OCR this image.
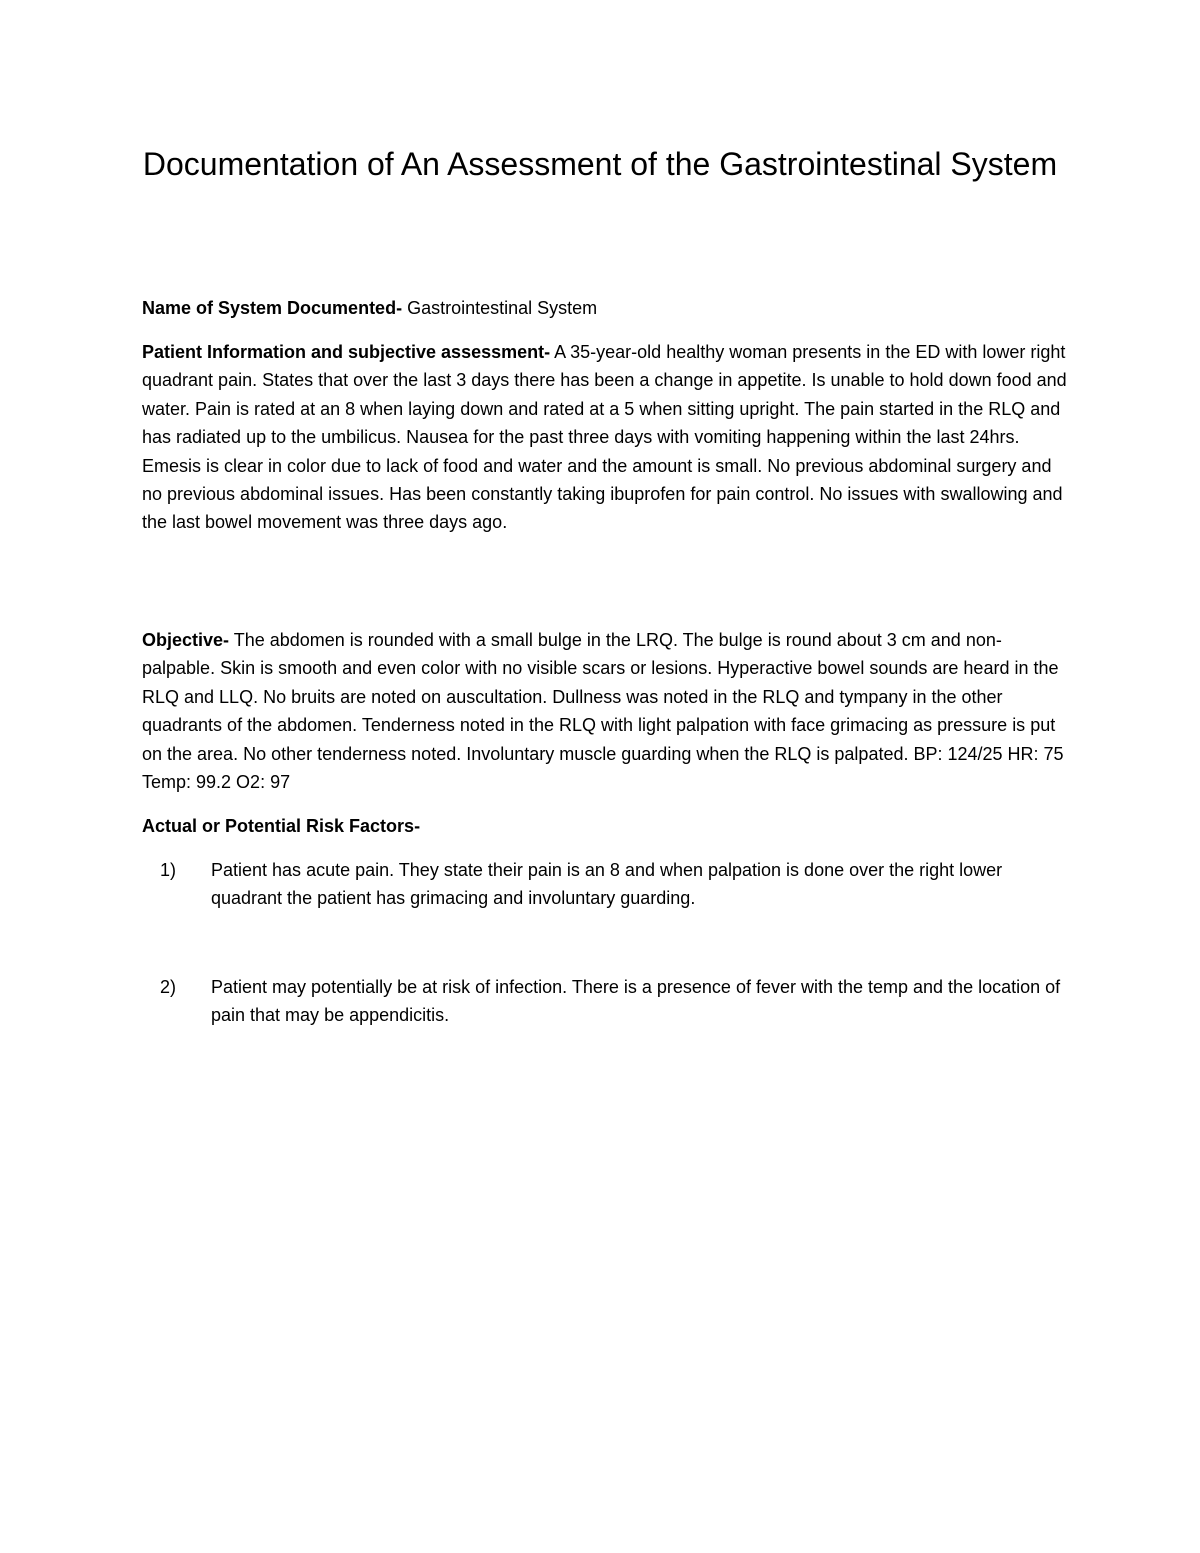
Documentation of An Assessment of the Gastrointestinal System

Name of System Documented- Gastrointestinal System

Patient Information and subjective assessment- A 35-year-old healthy woman presents in the ED with lower right quadrant pain. States that over the last 3 days there has been a change in appetite. Is unable to hold down food and water. Pain is rated at an 8 when laying down and rated at a 5 when sitting upright. The pain started in the RLQ and has radiated up to the umbilicus. Nausea for the past three days with vomiting happening within the last 24hrs. Emesis is clear in color due to lack of food and water and the amount is small. No previous abdominal surgery and no previous abdominal issues. Has been constantly taking ibuprofen for pain control. No issues with swallowing and the last bowel movement was three days ago.

Objective- The abdomen is rounded with a small bulge in the LRQ. The bulge is round about 3 cm and non-palpable. Skin is smooth and even color with no visible scars or lesions. Hyperactive bowel sounds are heard in the RLQ and LLQ. No bruits are noted on auscultation. Dullness was noted in the RLQ and tympany in the other quadrants of the abdomen. Tenderness noted in the RLQ with light palpation with face grimacing as pressure is put on the area. No other tenderness noted. Involuntary muscle guarding when the RLQ is palpated. BP: 124/25 HR: 75 Temp: 99.2 O2: 97

Actual or Potential Risk Factors-

1)	Patient has acute pain. They state their pain is an 8 and when palpation is done over the right lower quadrant the patient has grimacing and involuntary guarding.
2)	Patient may potentially be at risk of infection. There is a presence of fever with the temp and the location of pain that may be appendicitis.
